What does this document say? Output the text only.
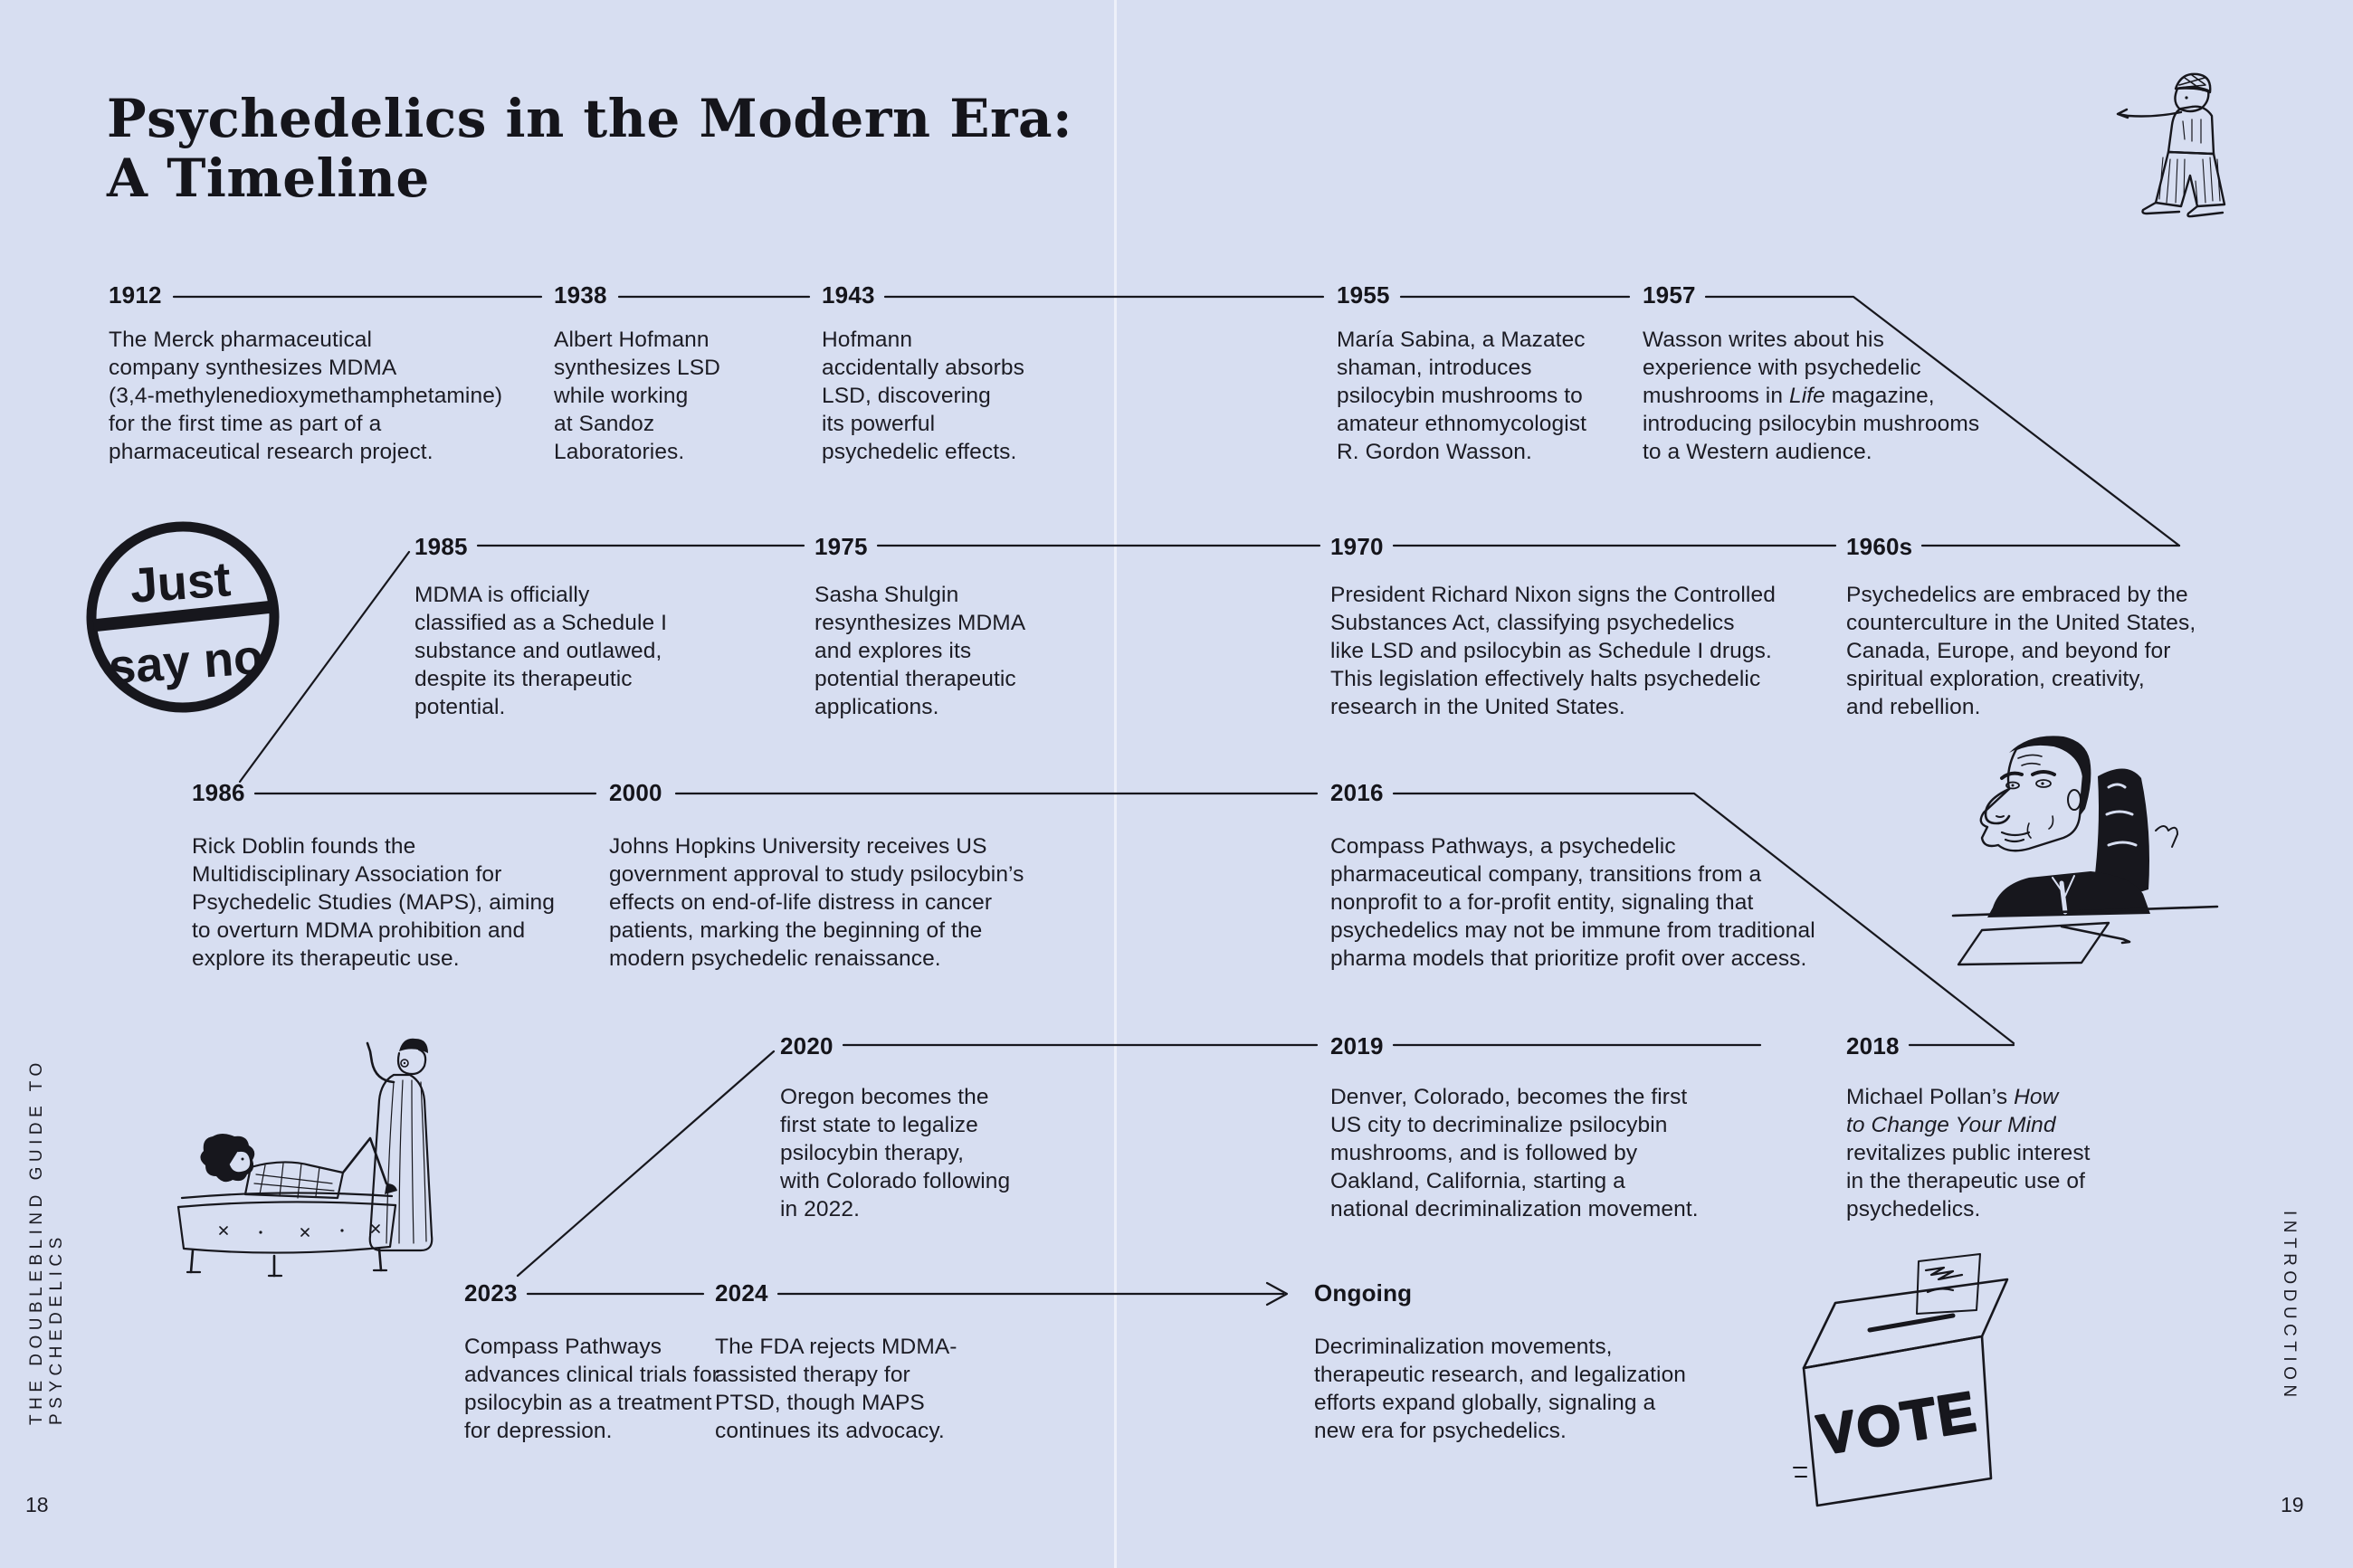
Psychedelics in the Modern Era:
A Timeline
1912
The Merck pharmaceutical
company synthesizes MDMA
(3,4-methylenedioxymethamphetamine)
for the first time as part of a
pharmaceutical research project.
1938
Albert Hofmann
synthesizes LSD
while working
at Sandoz
Laboratories.
1943
Hofmann
accidentally absorbs
LSD, discovering
its powerful
psychedelic effects.
1955
María Sabina, a Mazatec
shaman, introduces
psilocybin mushrooms to
amateur ethnomycologist
R. Gordon Wasson.
1957
Wasson writes about his
experience with psychedelic
mushrooms in Life magazine,
introducing psilocybin mushrooms
to a Western audience.
1985
MDMA is officially
classified as a Schedule I
substance and outlawed,
despite its therapeutic
potential.
1975
Sasha Shulgin
resynthesizes MDMA
and explores its
potential therapeutic
applications.
1970
President Richard Nixon signs the Controlled
Substances Act, classifying psychedelics
like LSD and psilocybin as Schedule I drugs.
This legislation effectively halts psychedelic
research in the United States.
1960s
Psychedelics are embraced by the
counterculture in the United States,
Canada, Europe, and beyond for
spiritual exploration, creativity,
and rebellion.
1986
Rick Doblin founds the
Multidisciplinary Association for
Psychedelic Studies (MAPS), aiming
to overturn MDMA prohibition and
explore its therapeutic use.
2000
Johns Hopkins University receives US
government approval to study psilocybin’s
effects on end-of-life distress in cancer
patients, marking the beginning of the
modern psychedelic renaissance.
2016
Compass Pathways, a psychedelic
pharmaceutical company, transitions from a
nonprofit to a for-profit entity, signaling that
psychedelics may not be immune from traditional
pharma models that prioritize profit over access.
2020
Oregon becomes the
first state to legalize
psilocybin therapy,
with Colorado following
in 2022.
2019
Denver, Colorado, becomes the first
US city to decriminalize psilocybin
mushrooms, and is followed by
Oakland, California, starting a
national decriminalization movement.
2018
Michael Pollan’s How
to Change Your Mind
revitalizes public interest
in the therapeutic use of
psychedelics.
2023
Compass Pathways
advances clinical trials for
psilocybin as a treatment
for depression.
2024
The FDA rejects MDMA-
assisted therapy for
PTSD, though MAPS
continues its advocacy.
Ongoing
Decriminalization movements,
therapeutic research, and legalization
efforts expand globally, signaling a
new era for psychedelics.
Just
say no
VOTE
THE DOUBLEBLIND GUIDE TO PSYCHEDELICS	INTRODUCTION
18	19
